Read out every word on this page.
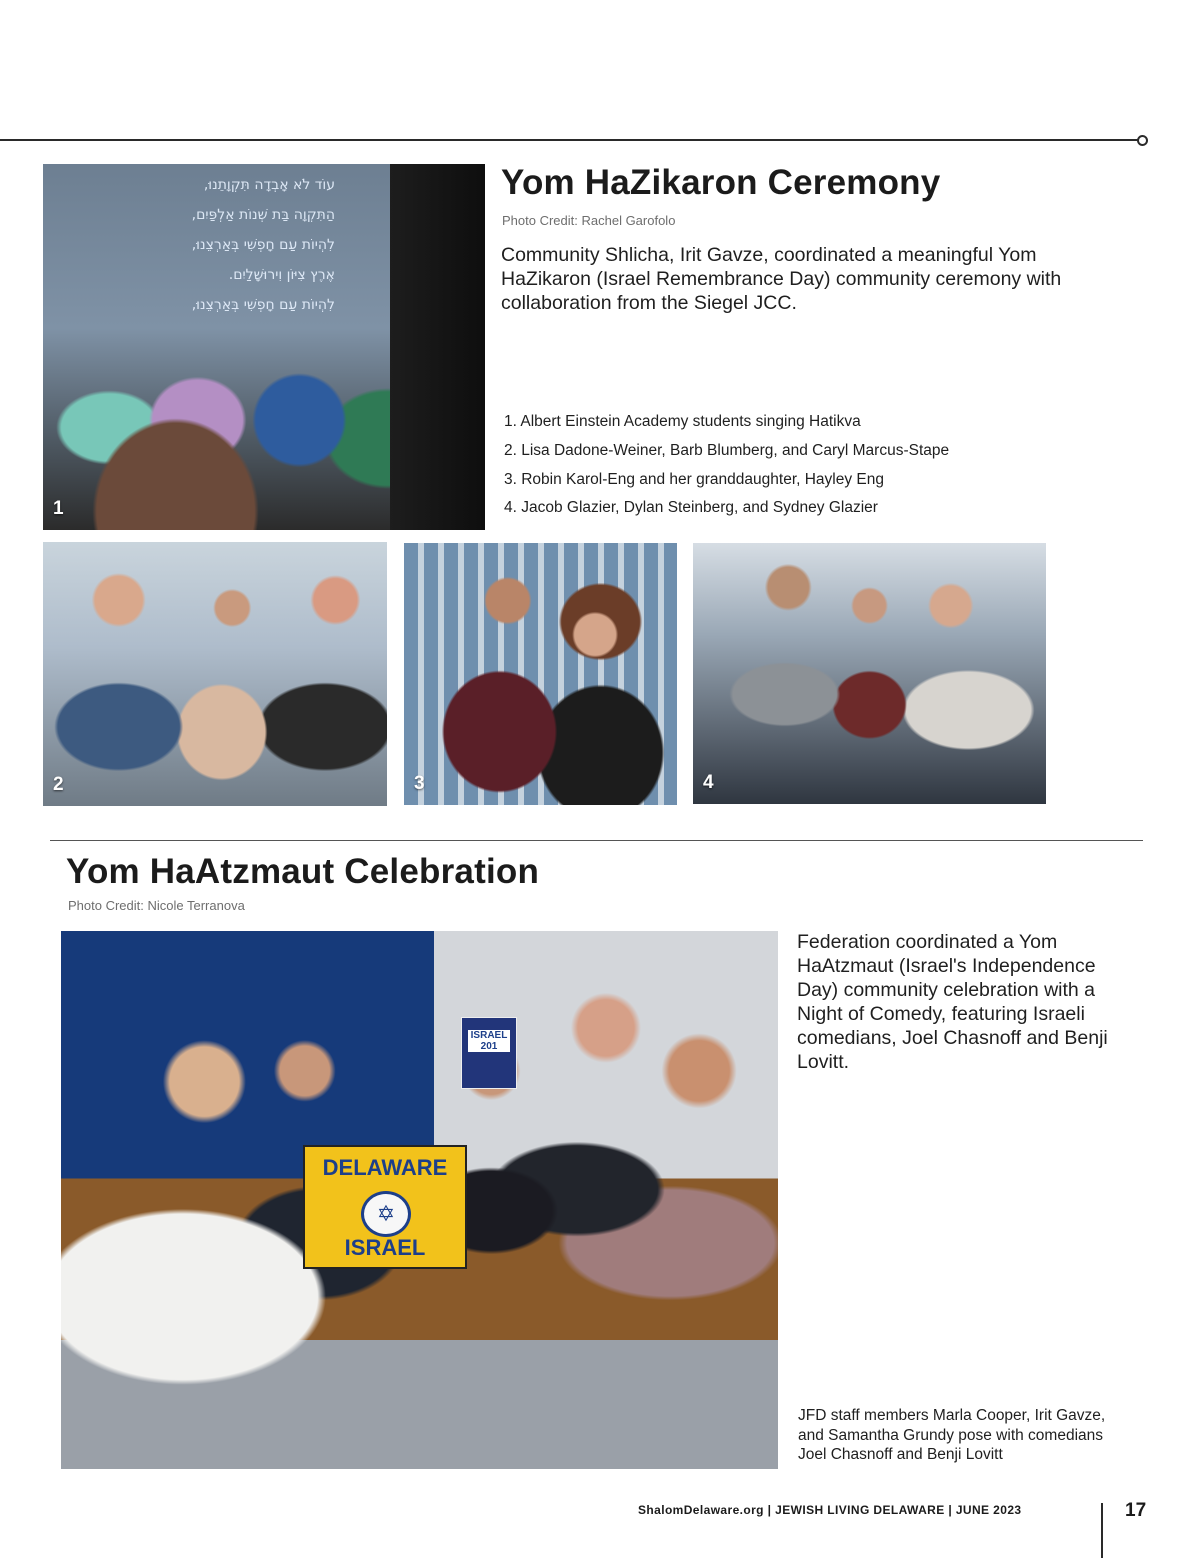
עוֹד לֹא אָבְדָה תִּקְוָתֵנוּ,
הַתִּקְוָה בַּת שְׁנוֹת אַלְפַּיִם,
לִהְיוֹת עַם חָפְשִׁי בְּאַרְצֵנוּ,
אֶרֶץ צִיּוֹן וִירוּשָׁלַיִם.
לִהְיוֹת עַם חָפְשִׁי בְּאַרְצֵנוּ,
1
Yom HaZikaron Ceremony
Photo Credit: Rachel Garofolo
Community Shlicha, Irit Gavze, coordinated a meaningful Yom HaZikaron (Israel Remembrance Day) community ceremony with collaboration from the Siegel JCC.
1. Albert Einstein Academy students singing Hatikva
2. Lisa Dadone-Weiner, Barb Blumberg, and Caryl Marcus-Stape
3. Robin Karol-Eng and her granddaughter, Hayley Eng
4. Jacob Glazier, Dylan Steinberg, and Sydney Glazier
2	3	4
Yom HaAtzmaut Celebration
Photo Credit: Nicole Terranova
DELAWARE
✡
ISRAEL
ISRAEL 201
Federation coordinated a Yom HaAtzmaut (Israel's Independence Day) community celebration with a Night of Comedy, featuring Israeli comedians, Joel Chasnoff and Benji Lovitt.
JFD staff members Marla Cooper, Irit Gavze, and Samantha Grundy pose with comedians Joel Chasnoff and Benji Lovitt
ShalomDelaware.org | JEWISH LIVING DELAWARE | JUNE 2023	17
